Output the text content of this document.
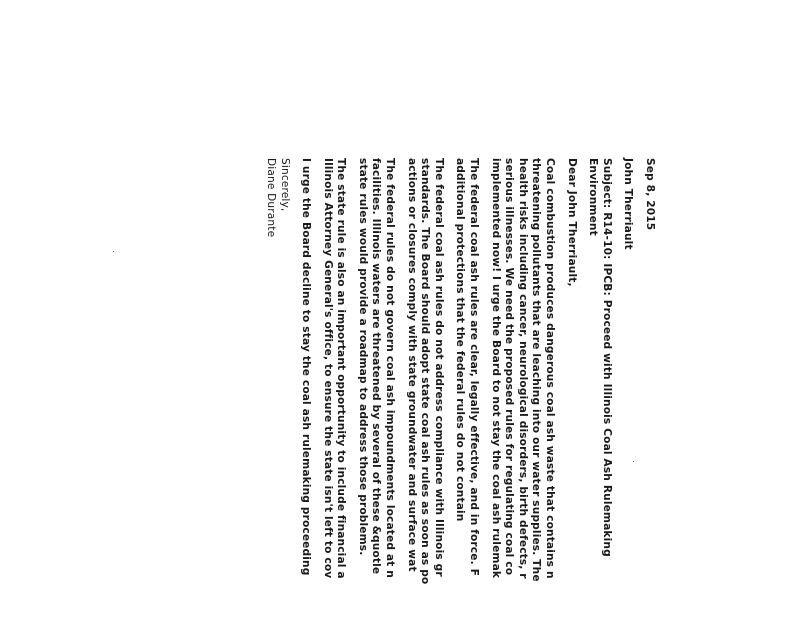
Sep 8, 2015
John Therriault
Subject: R14-10: IPCB: Proceed with Illinois Coal Ash Rulemaking
Environment
Dear John Therriault,
Coal combustion produces dangerous coal ash waste that contains n
threatening pollutants that are leaching into our water supplies. The
health risks including cancer, neurological disorders, birth defects, r
serious illnesses. We need the proposed rules for regulating coal co
implemented now! I urge the Board to not stay the coal ash rulemak
The federal coal ash rules are clear, legally effective, and in force. F
additional protections that the federal rules do not contain
The federal coal ash rules do not address compliance with Illinois gr
standards. The Board should adopt state coal ash rules as soon as po
actions or closures comply with state groundwater and surface wat
The federal rules do not govern coal ash impoundments located at n
facilities. Illinois waters are threatened by several of these &quotle
state rules would provide a roadmap to address those problems.
The state rule is also an important opportunity to include financial a
Illinois Attorney General's office, to ensure the state isn't left to cov
I urge the Board decline to stay the coal ash rulemaking proceeding
Sincerely,
Diane Durante
